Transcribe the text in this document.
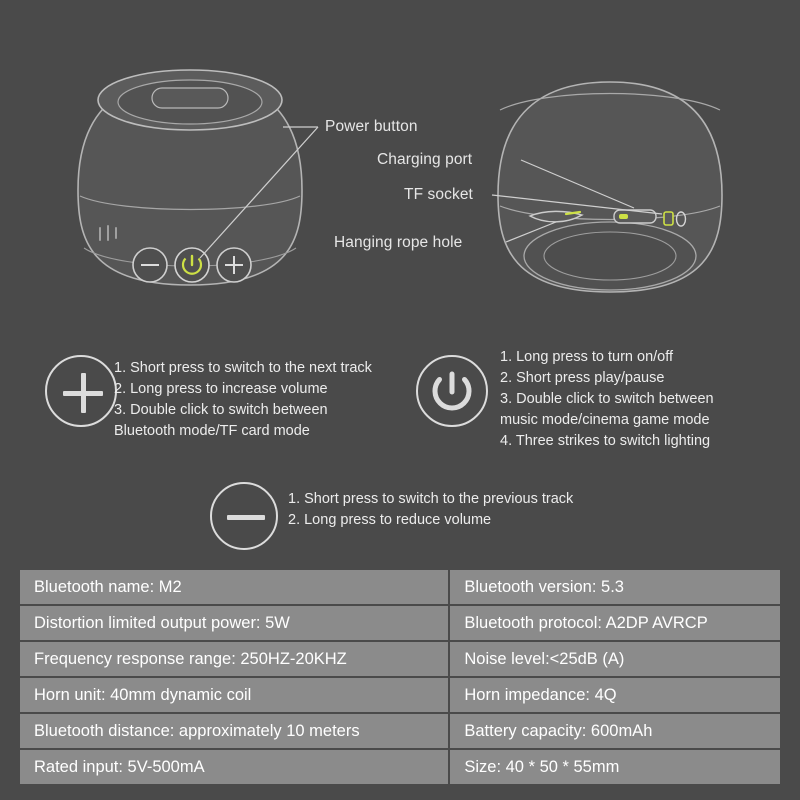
Power button
Charging port
TF socket
Hanging rope hole
1. Short press to switch to the next track
2. Long press to increase volume
3. Double click to switch between
Bluetooth mode/TF card mode
1. Long press to turn on/off
2. Short press play/pause
3. Double click to switch between
music mode/cinema game mode
4. Three strikes to switch lighting
1. Short press to switch to the previous track
2. Long press to reduce volume
Bluetooth name: M2	Bluetooth version: 5.3
Distortion limited output power: 5W	Bluetooth protocol: A2DP AVRCP
Frequency response range: 250HZ-20KHZ	Noise level:<25dB (A)
Horn unit: 40mm dynamic coil	Horn impedance: 4Q
Bluetooth distance: approximately 10 meters	Battery capacity: 600mAh
Rated input: 5V-500mA	Size: 40 * 50 * 55mm
